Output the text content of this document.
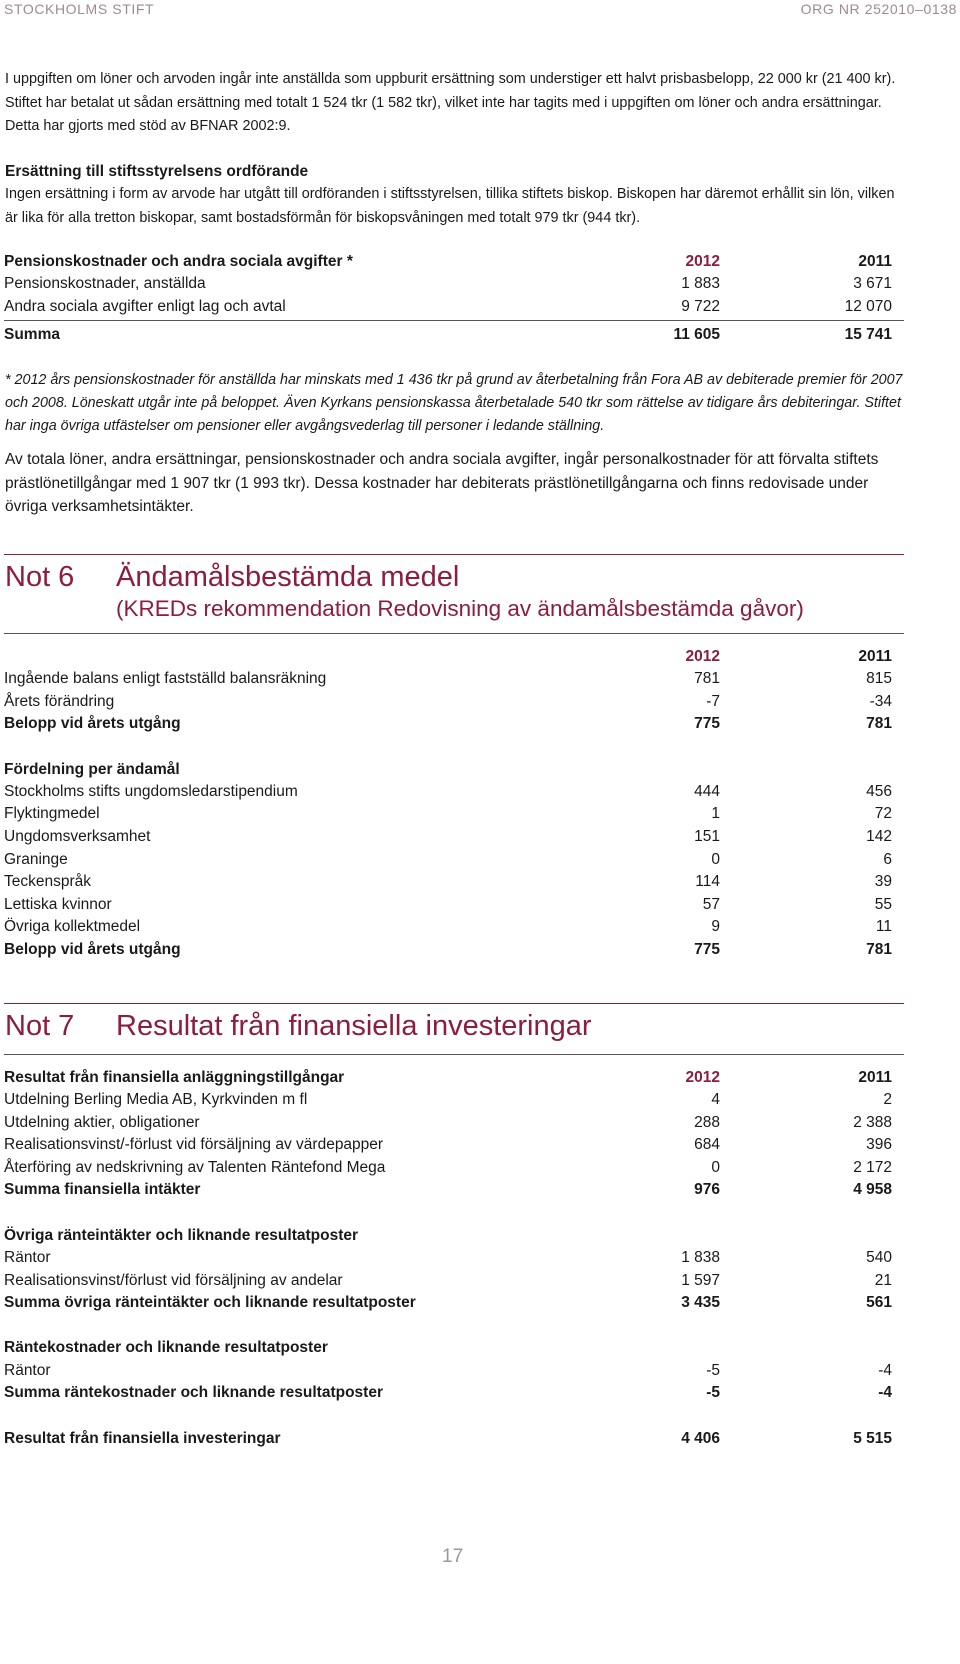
STOCKHOLMS STIFT	ORG NR 252010–0138

I uppgiften om löner och arvoden ingår inte anställda som uppburit ersättning som understiger ett halvt prisbasbelopp, 22 000 kr (21 400 kr). Stiftet har betalat ut sådan ersättning med totalt 1 524 tkr (1 582 tkr), vilket inte har tagits med i uppgiften om löner och andra ersättningar. Detta har gjorts med stöd av BFNAR 2002:9.

Ersättning till stiftsstyrelsens ordförande

Ingen ersättning i form av arvode har utgått till ordföranden i stiftsstyrelsen, tillika stiftets biskop. Biskopen har däremot erhållit sin lön, vilken är lika för alla tretton biskopar, samt bostadsförmån för biskopsvåningen med totalt 979 tkr (944 tkr).

Pensionskostnader och andra sociala avgifter *	2012	2011
Pensionskostnader, anställda	1 883	3 671
Andra sociala avgifter enligt lag och avtal	9 722	12 070
Summa	11 605	15 741

* 2012 års pensionskostnader för anställda har minskats med 1 436 tkr på grund av återbetalning från Fora AB av debiterade premier för 2007 och 2008. Löneskatt utgår inte på beloppet. Även Kyrkans pensionskassa återbetalade 540 tkr som rättelse av tidigare års debiteringar. Stiftet har inga övriga utfästelser om pensioner eller avgångsvederlag till personer i ledande ställning.

Av totala löner, andra ersättningar, pensionskostnader och andra sociala avgifter, ingår personalkostnader för att förvalta stiftets prästlönetillgångar med 1 907 tkr (1 993 tkr). Dessa kostnader har debiterats prästlönetillgångarna och finns redovisade under övriga verksamhetsintäkter.

Not 6 Ändamålsbestämda medel
(KREDs rekommendation Redovisning av ändamålsbestämda gåvor)
2012	2011
Ingående balans enligt fastställd balansräkning	781	815
Årets förändring	-7	-34
Belopp vid årets utgång	775	781
Fördelning per ändamål
Stockholms stifts ungdomsledarstipendium	444	456
Flyktingmedel	1	72
Ungdomsverksamhet	151	142
Graninge	0	6
Teckenspråk	114	39
Lettiska kvinnor	57	55
Övriga kollektmedel	9	11
Belopp vid årets utgång	775	781
Not 7 Resultat från finansiella investeringar
Resultat från finansiella anläggningstillgångar	2012	2011
Utdelning Berling Media AB, Kyrkvinden m fl	4	2
Utdelning aktier, obligationer	288	2 388
Realisationsvinst/-förlust vid försäljning av värdepapper	684	396
Återföring av nedskrivning av Talenten Räntefond Mega	0	2 172
Summa finansiella intäkter	976	4 958
Övriga ränteintäkter och liknande resultatposter
Räntor	1 838	540
Realisationsvinst/förlust vid försäljning av andelar	1 597	21
Summa övriga ränteintäkter och liknande resultatposter	3 435	561
Räntekostnader och liknande resultatposter
Räntor	-5	-4
Summa räntekostnader och liknande resultatposter	-5	-4
Resultat från finansiella investeringar	4 406	5 515
17
